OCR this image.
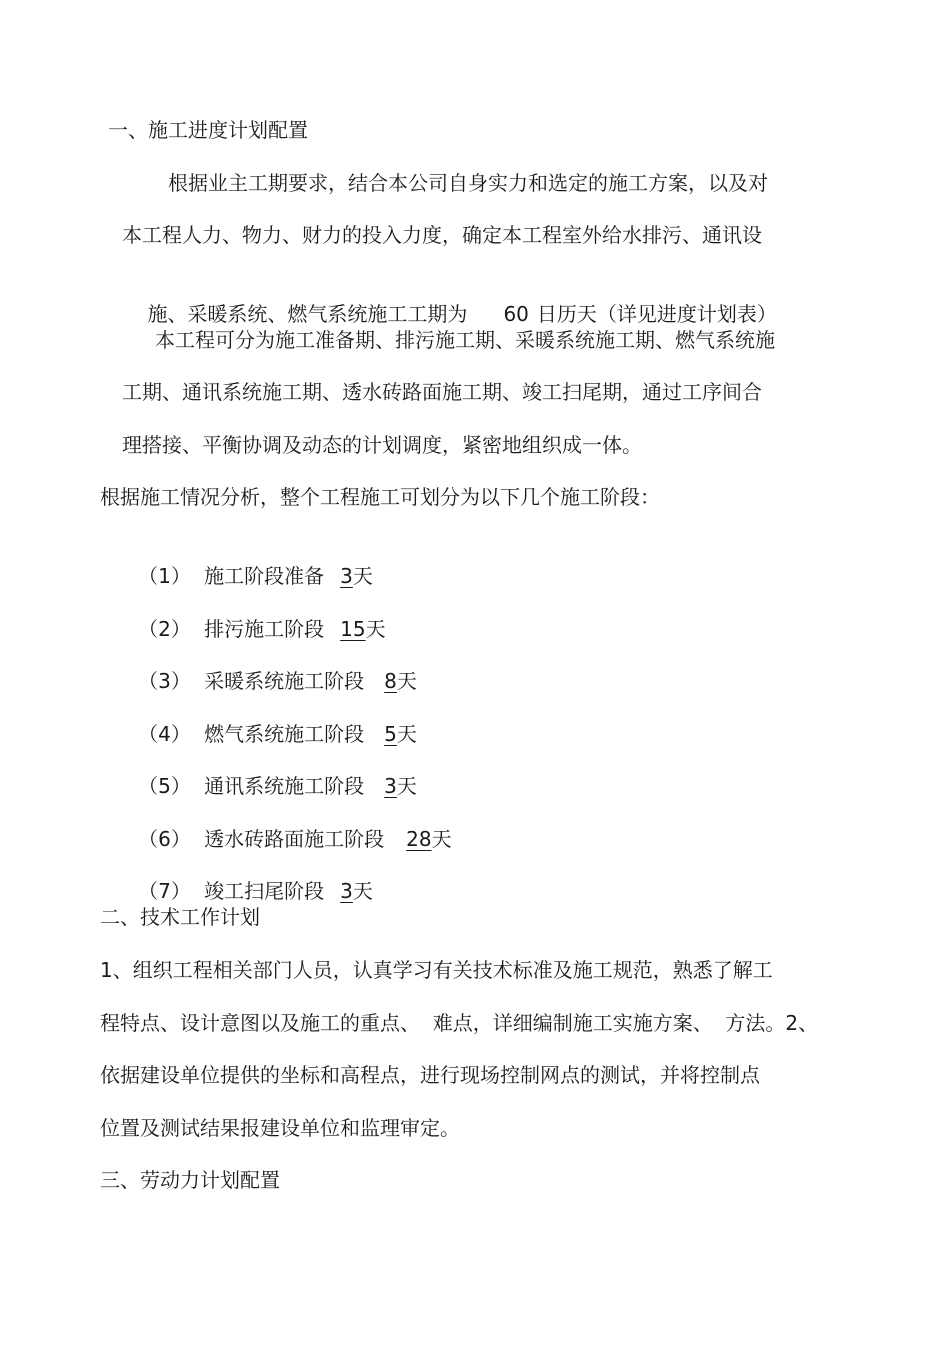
一、施工进度计划配置
根据业主工期要求，结合本公司自身实力和选定的施工方案，以及对
本工程人力、物力、财力的投入力度，确定本工程室外给水排污、通讯设

施、采暖系统、燃气系统施工工期为 60 日历天（详见进度计划表）

本工程可分为施工准备期、排污施工期、采暖系统施工期、燃气系统施
工期、通讯系统施工期、透水砖路面施工期、竣工扫尾期，通过工序间合
理搭接、平衡协调及动态的计划调度，紧密地组织成一体。
根据施工情况分析，整个工程施工可划分为以下几个施工阶段：

（1） 施工阶段准备 3天

（2） 排污施工阶段 15天

（3） 采暖系统施工阶段 8天

（4） 燃气系统施工阶段 5天

（5） 通讯系统施工阶段 3天

（6） 透水砖路面施工阶段 28天

（7） 竣工扫尾阶段 3天

二、技术工作计划
1、组织工程相关部门人员，认真学习有关技术标准及施工规范，熟悉了解工
程特点、设计意图以及施工的重点、  难点，详细编制施工实施方案、  方法。2、
依据建设单位提供的坐标和高程点，进行现场控制网点的测试，并将控制点
位置及测试结果报建设单位和监理审定。
三、劳动力计划配置
